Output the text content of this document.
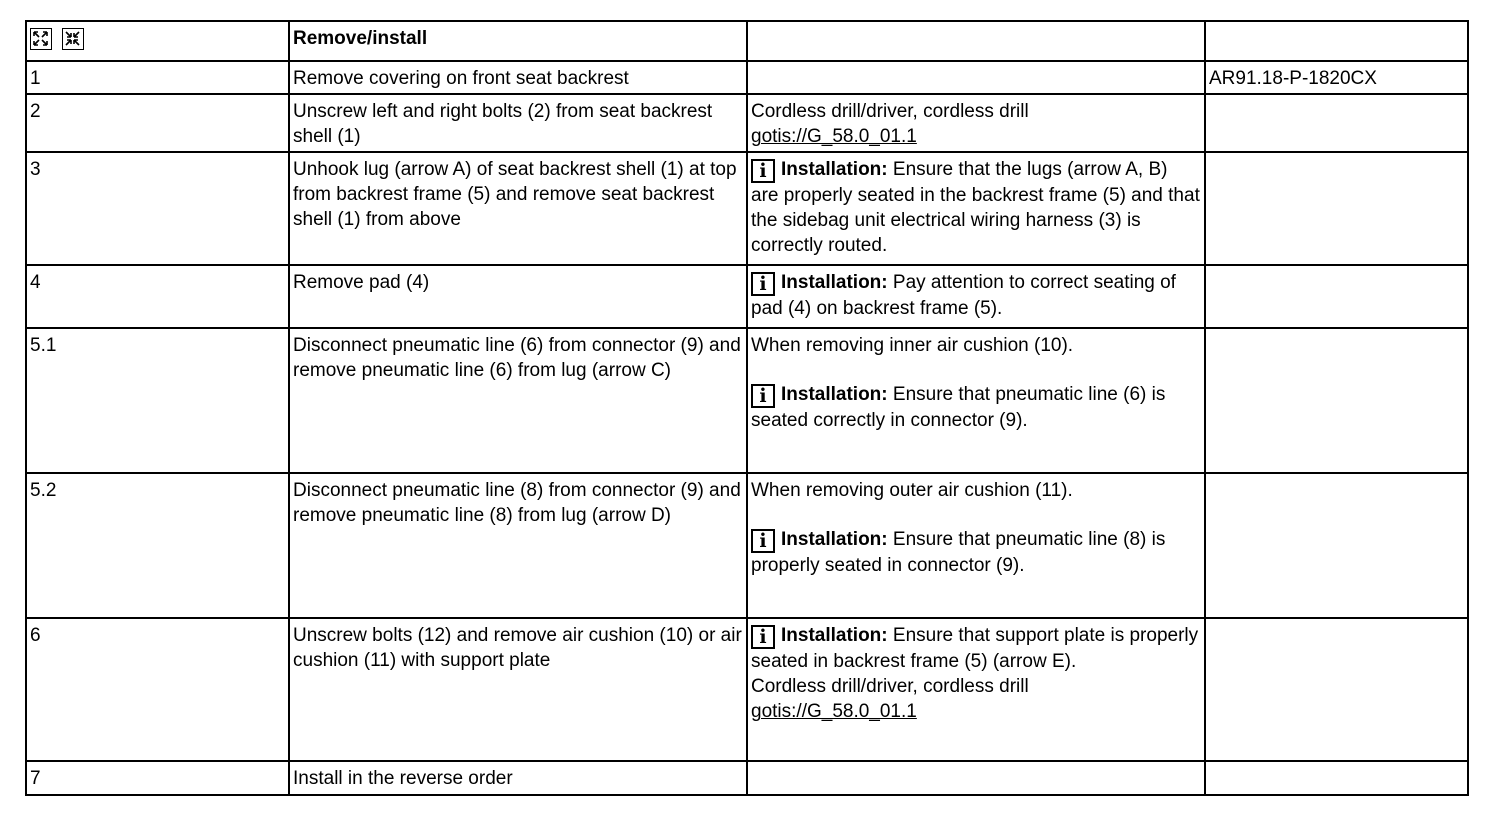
	Remove/install		
1	Remove covering on front seat backrest		AR91.18-P-1820CX
2	Unscrew left and right bolts (2) from seat backrest shell (1)	Cordless drill/driver, cordless drill
gotis://G_58.0_01.1	

3	Unhook lug (arrow A) of seat backrest shell (1) at top from backrest frame (5) and remove seat backrest shell (1) from above	i Installation: Ensure that the lugs (arrow A, B) are properly seated in the backrest frame (5) and that the sidebag unit electrical wiring harness (3) is correctly routed.	
4	Remove pad (4)	i Installation: Pay attention to correct seating of pad (4) on backrest frame (5).	
5.1	Disconnect pneumatic line (6) from connector (9) and remove pneumatic line (6) from lug (arrow C)	When removing inner air cushion (10).
i Installation: Ensure that pneumatic line (6) is seated correctly in connector (9).	

5.2	Disconnect pneumatic line (8) from connector (9) and remove pneumatic line (8) from lug (arrow D)	When removing outer air cushion (11).
i Installation: Ensure that pneumatic line (8) is properly seated in connector (9).	

6	Unscrew bolts (12) and remove air cushion (10) or air cushion (11) with support plate	i Installation: Ensure that support plate is properly seated in backrest frame (5) (arrow E).
Cordless drill/driver, cordless drill
gotis://G_58.0_01.1	

7	Install in the reverse order		
